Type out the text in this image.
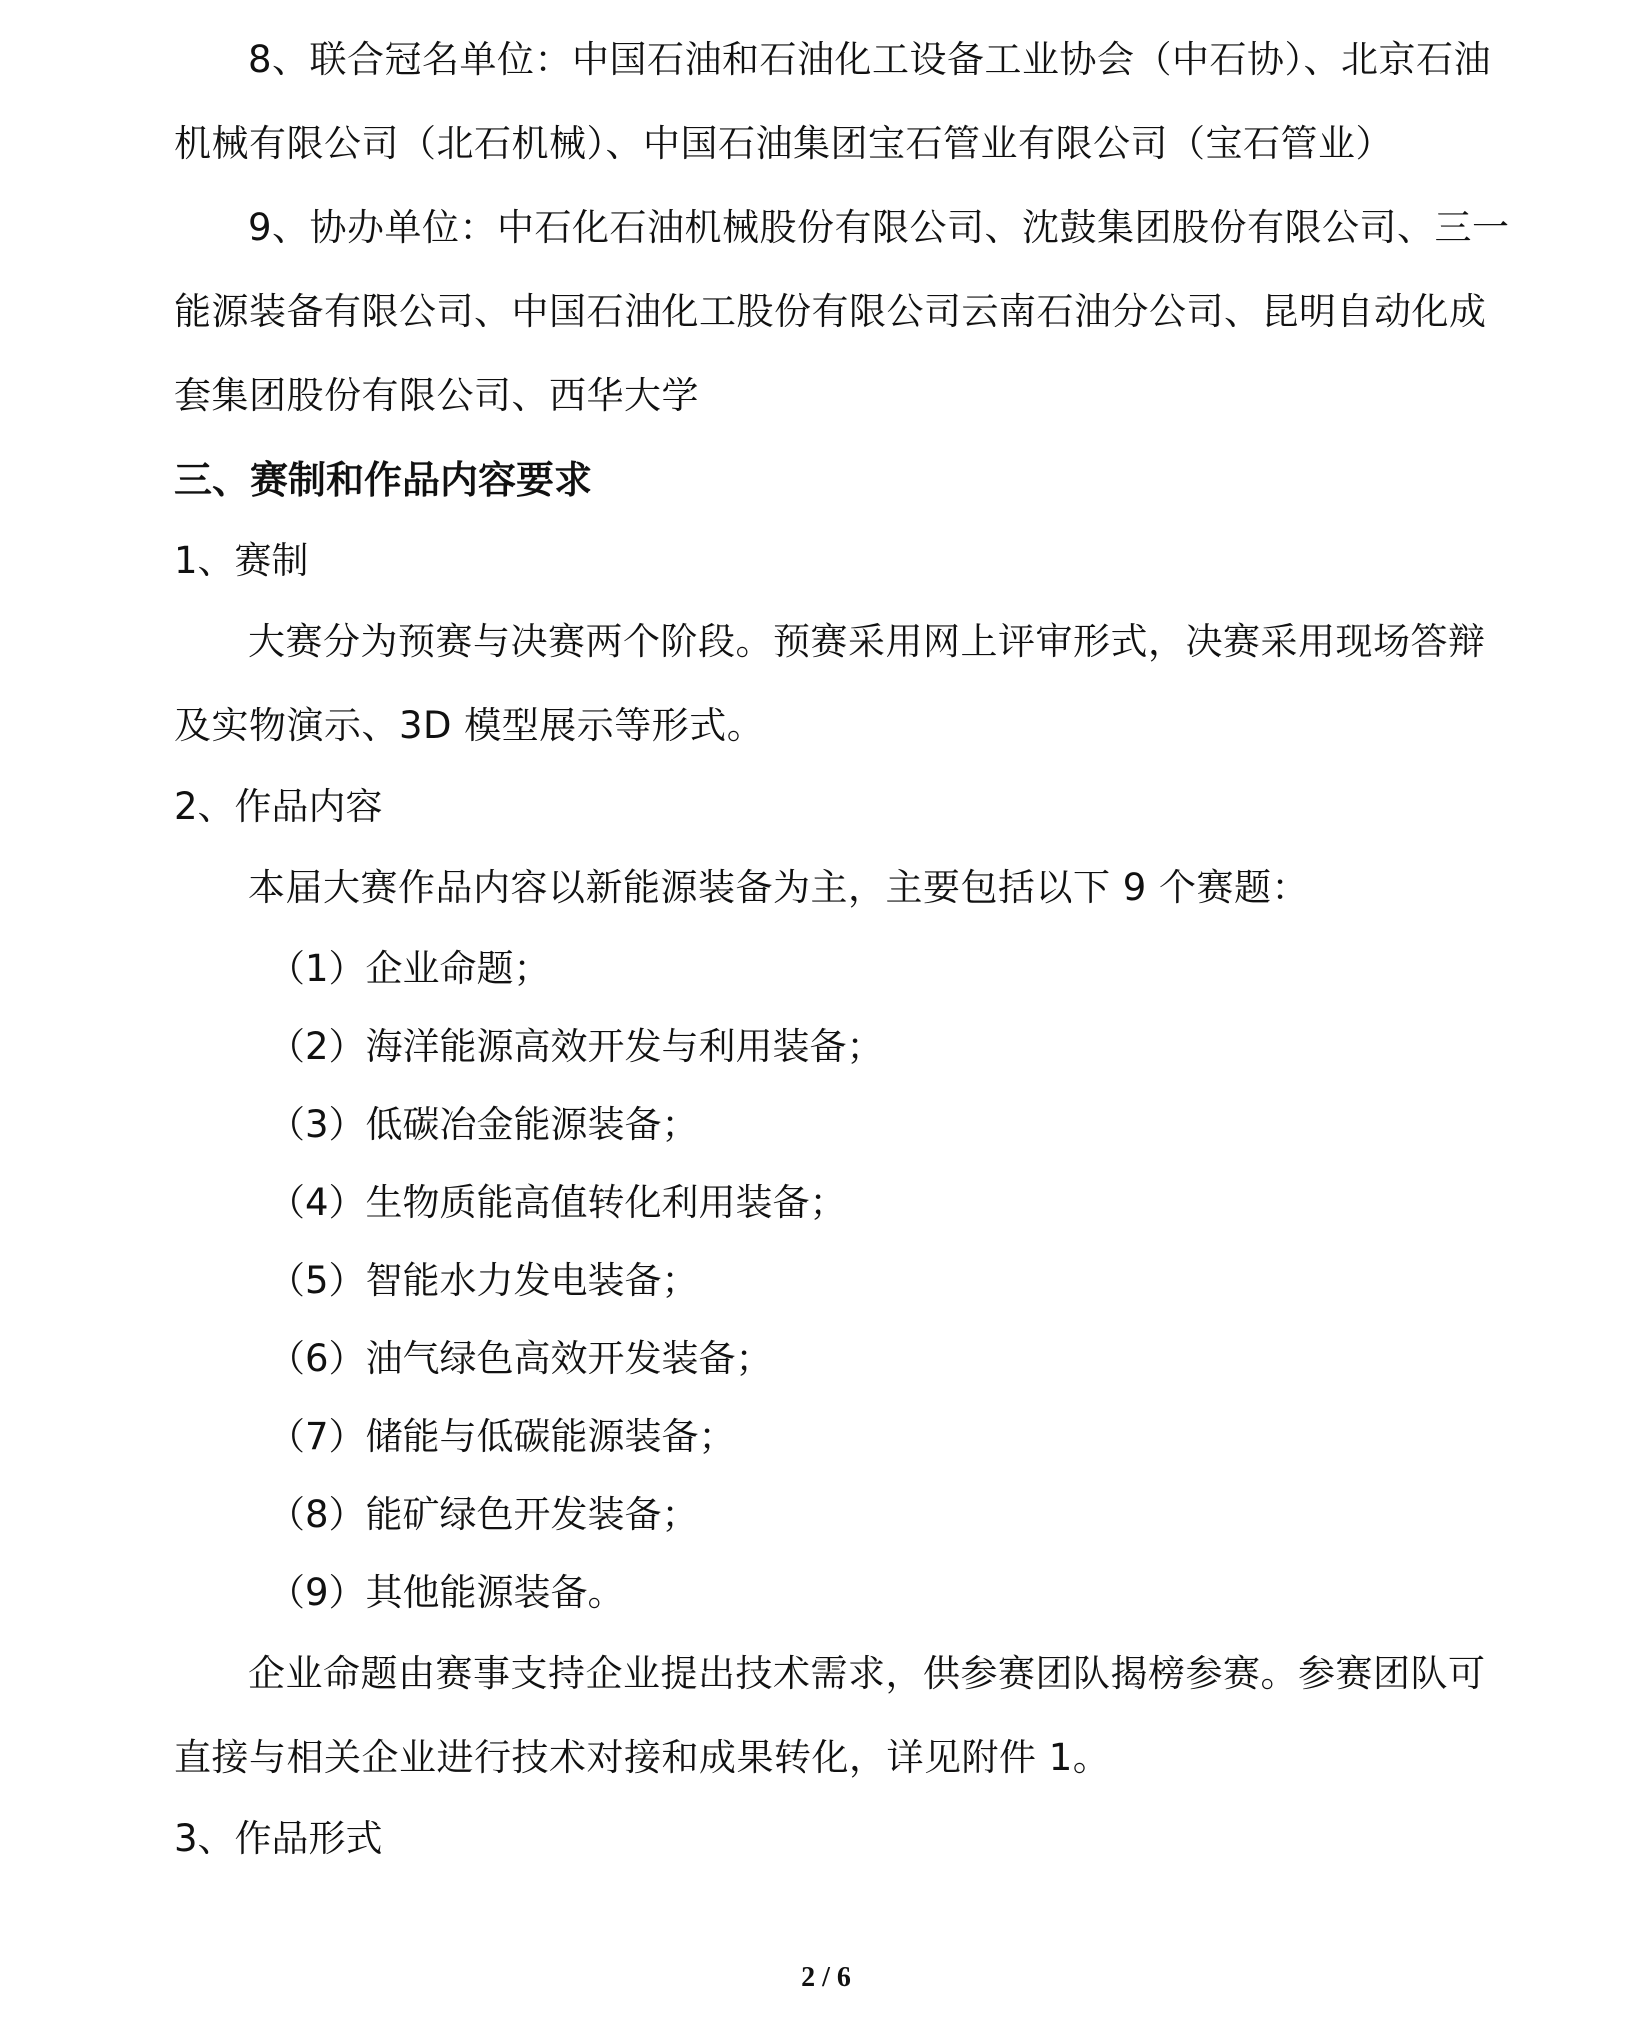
8、联合冠名单位：中国石油和石油化工设备工业协会（中石协）、北京石油机械有限公司（北石机械）、中国石油集团宝石管业有限公司（宝石管业）

9、协办单位：中石化石油机械股份有限公司、沈鼓集团股份有限公司、三一能源装备有限公司、中国石油化工股份有限公司云南石油分公司、昆明自动化成套集团股份有限公司、西华大学

三、赛制和作品内容要求

1、赛制

大赛分为预赛与决赛两个阶段。预赛采用网上评审形式，决赛采用现场答辩及实物演示、3D 模型展示等形式。

2、作品内容

本届大赛作品内容以新能源装备为主，主要包括以下 9 个赛题：

（1）企业命题；
（2）海洋能源高效开发与利用装备；
（3）低碳冶金能源装备；
（4）生物质能高值转化利用装备；
（5）智能水力发电装备；
（6）油气绿色高效开发装备；
（7）储能与低碳能源装备；
（8）能矿绿色开发装备；
（9）其他能源装备。

企业命题由赛事支持企业提出技术需求，供参赛团队揭榜参赛。参赛团队可直接与相关企业进行技术对接和成果转化，详见附件 1。

3、作品形式

2 / 6
